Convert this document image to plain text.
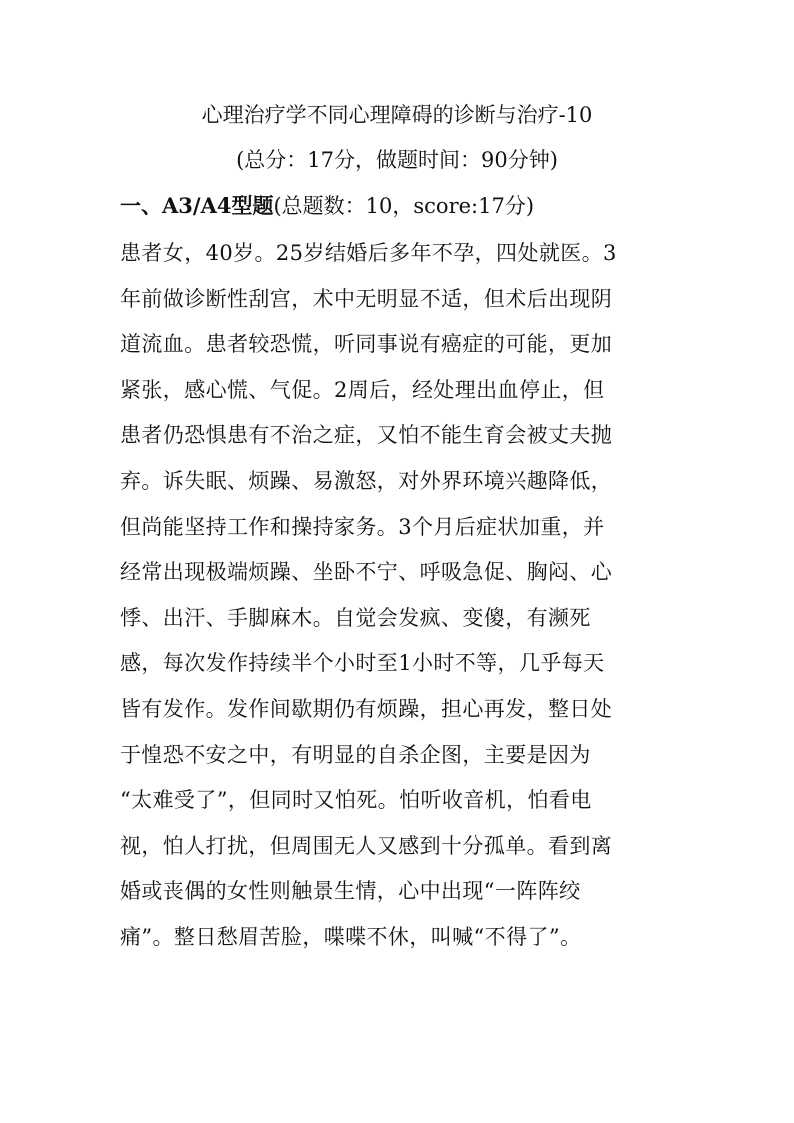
心理治疗学不同心理障碍的诊断与治疗-10
(总分：17分，做题时间：90分钟)
一、A3/A4型题(总题数：10，score:17分)
患者女，40岁。25岁结婚后多年不孕，四处就医。3
年前做诊断性刮宫，术中无明显不适，但术后出现阴
道流血。患者较恐慌，听同事说有癌症的可能，更加
紧张，感心慌、气促。2周后，经处理出血停止，但
患者仍恐惧患有不治之症，又怕不能生育会被丈夫抛
弃。诉失眠、烦躁、易激怒，对外界环境兴趣降低，
但尚能坚持工作和操持家务。3个月后症状加重，并
经常出现极端烦躁、坐卧不宁、呼吸急促、胸闷、心
悸、出汗、手脚麻木。自觉会发疯、变傻，有濒死
感，每次发作持续半个小时至1小时不等，几乎每天
皆有发作。发作间歇期仍有烦躁，担心再发，整日处
于惶恐不安之中，有明显的自杀企图，主要是因为
“太难受了”，但同时又怕死。怕听收音机，怕看电
视，怕人打扰，但周围无人又感到十分孤单。看到离
婚或丧偶的女性则触景生情，心中出现“一阵阵绞
痛”。整日愁眉苦脸，喋喋不休，叫喊“不得了”。
